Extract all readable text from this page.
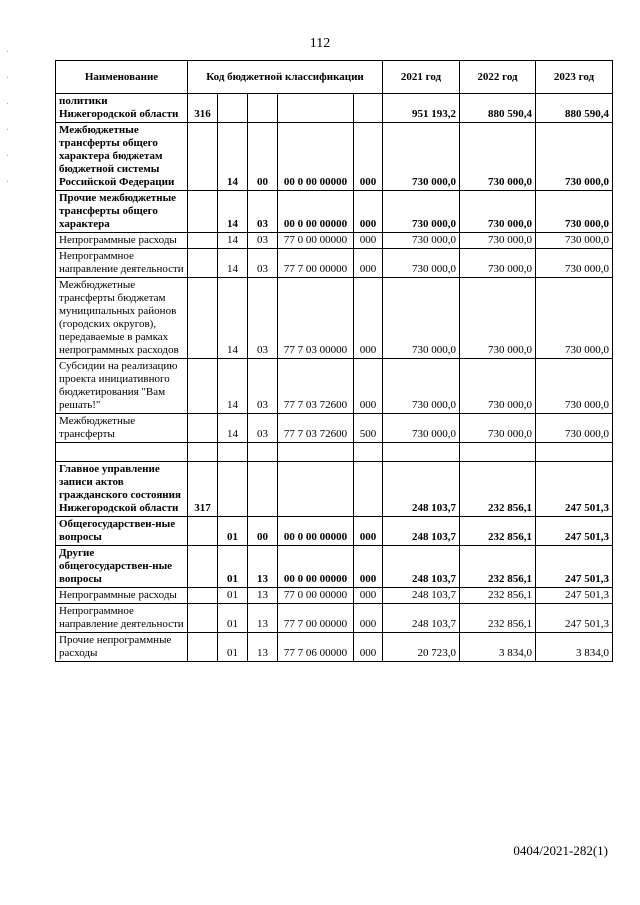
·
·
·
·
·
·
112
Наименование	Код бюджетной классификации					2021 год	2022 год	2023 год
политики Нижегородской области	316					951 193,2	880 590,4	880 590,4
Межбюджетные трансферты общего характера бюджетам бюджетной системы Российской Федерации		14	00	00 0 00 00000	000	730 000,0	730 000,0	730 000,0
Прочие межбюджетные трансферты общего характера		14	03	00 0 00 00000	000	730 000,0	730 000,0	730 000,0
Непрограммные расходы		14	03	77 0 00 00000	000	730 000,0	730 000,0	730 000,0
Непрограммное направление деятельности		14	03	77 7 00 00000	000	730 000,0	730 000,0	730 000,0
Межбюджетные трансферты бюджетам муниципальных районов (городских округов), передаваемые в рамках непрограммных расходов		14	03	77 7 03 00000	000	730 000,0	730 000,0	730 000,0
Субсидии на реализацию проекта инициативного бюджетирования "Вам решать!"		14	03	77 7 03 72600	000	730 000,0	730 000,0	730 000,0
Межбюджетные трансферты		14	03	77 7 03 72600	500	730 000,0	730 000,0	730 000,0

Главное управление записи актов гражданского состояния Нижегородской области	317					248 103,7	232 856,1	247 501,3
Общегосударствен-ные вопросы		01	00	00 0 00 00000	000	248 103,7	232 856,1	247 501,3
Другие общегосударствен-ные вопросы		01	13	00 0 00 00000	000	248 103,7	232 856,1	247 501,3
Непрограммные расходы		01	13	77 0 00 00000	000	248 103,7	232 856,1	247 501,3
Непрограммное направление деятельности		01	13	77 7 00 00000	000	248 103,7	232 856,1	247 501,3
Прочие непрограммные расходы		01	13	77 7 06 00000	000	20 723,0	3 834,0	3 834,0
0404/2021-282(1)
